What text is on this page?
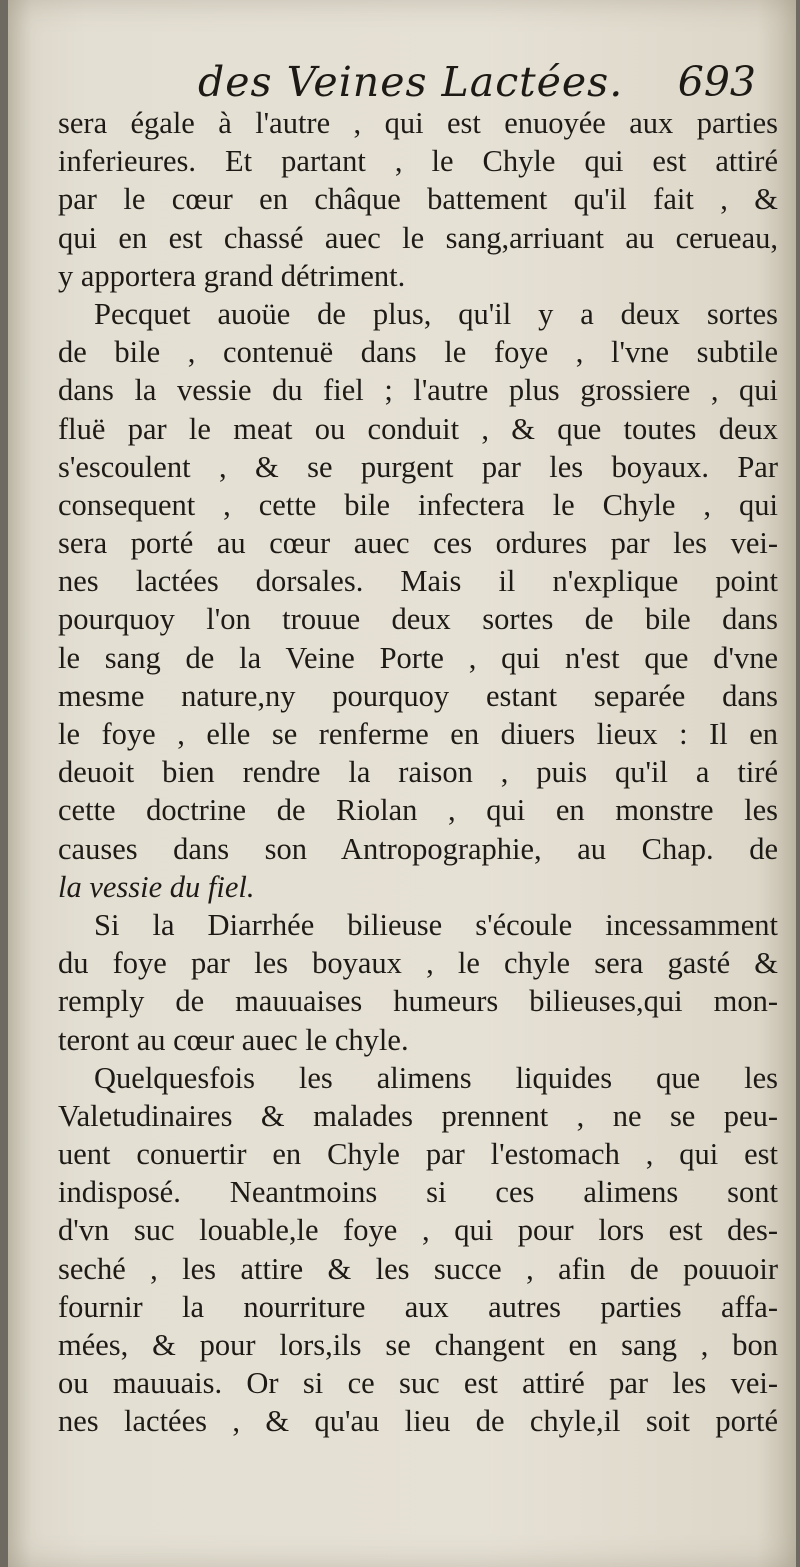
des Veines Lactées. 693
sera égale à l'autre , qui est enuoyée aux parties
inferieures. Et partant , le Chyle qui est attiré
par le cœur en châque battement qu'il fait , &
qui en est chassé auec le sang,arriuant au cerueau,
y apportera grand détriment.
Pecquet auoüe de plus, qu'il y a deux sortes
de bile , contenuë dans le foye , l'vne subtile
dans la vessie du fiel ; l'autre plus grossiere , qui
fluë par le meat ou conduit , & que toutes deux
s'escoulent , & se purgent par les boyaux. Par
consequent , cette bile infectera le Chyle , qui
sera porté au cœur auec ces ordures par les vei-
nes lactées dorsales. Mais il n'explique point
pourquoy l'on trouue deux sortes de bile dans
le sang de la Veine Porte , qui n'est que d'vne
mesme nature,ny pourquoy estant separée dans
le foye , elle se renferme en diuers lieux : Il en
deuoit bien rendre la raison , puis qu'il a tiré
cette doctrine de Riolan , qui en monstre les
causes dans son Antropographie, au Chap. de
la vessie du fiel.
Si la Diarrhée bilieuse s'écoule incessamment
du foye par les boyaux , le chyle sera gasté &
remply de mauuaises humeurs bilieuses,qui mon-
teront au cœur auec le chyle.
Quelquesfois les alimens liquides que les
Valetudinaires & malades prennent , ne se peu-
uent conuertir en Chyle par l'estomach , qui est
indisposé. Neantmoins si ces alimens sont
d'vn suc louable,le foye , qui pour lors est des-
seché , les attire & les succe , afin de pouuoir
fournir la nourriture aux autres parties affa-
mées, & pour lors,ils se changent en sang , bon
ou mauuais. Or si ce suc est attiré par les vei-
nes lactées , & qu'au lieu de chyle,il soit porté
